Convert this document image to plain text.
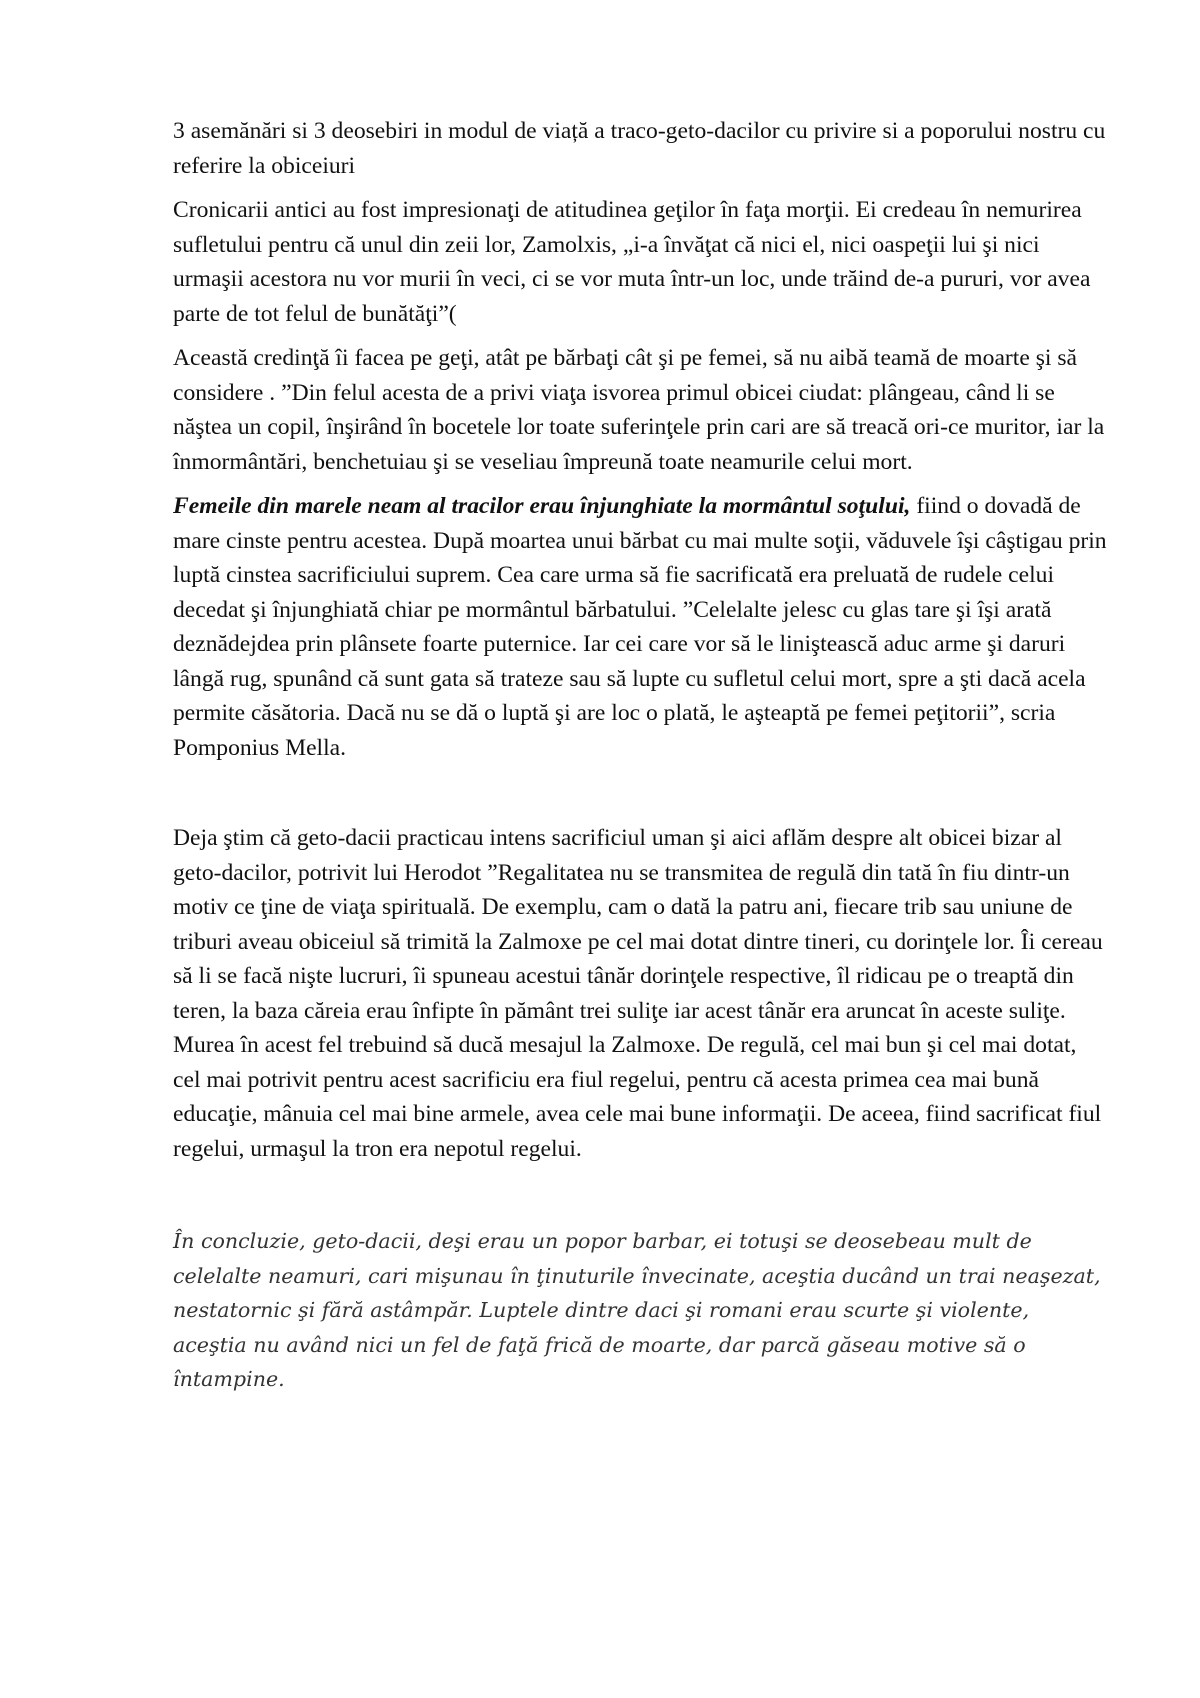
3 asemănări si 3 deosebiri in modul de viață a traco-geto-dacilor cu privire si a poporului nostru cu referire la obiceiuri

Cronicarii antici au fost impresionaţi de atitudinea geţilor în faţa morţii. Ei credeau în nemurirea sufletului pentru că unul din zeii lor, Zamolxis, „i-a învăţat că nici el, nici oaspeţii lui şi nici urmaşii acestora nu vor murii în veci, ci se vor muta într-un loc, unde trăind de-a pururi, vor avea parte de tot felul de bunătăţi”(

Această credinţă îi facea pe geţi, atât pe bărbaţi cât şi pe femei, să nu aibă teamă de moarte şi să considere . ”Din felul acesta de a privi viaţa isvorea primul obicei ciudat: plângeau, când li se năştea un copil, înşirând în bocetele lor toate suferinţele prin cari are să treacă ori-ce muritor, iar la înmormântări, benchetuiau şi se veseliau împreună toate neamurile celui mort.

Femeile din marele neam al tracilor erau înjunghiate la mormântul soţului, fiind o dovadă de mare cinste pentru acestea. După moartea unui bărbat cu mai multe soţii, văduvele îşi câştigau prin luptă cinstea sacrificiului suprem. Cea care urma să fie sacrificată era preluată de rudele celui decedat şi înjunghiată chiar pe mormântul bărbatului. ”Celelalte jelesc cu glas tare şi îşi arată deznădejdea prin plânsete foarte puternice. Iar cei care vor să le liniştească aduc arme şi daruri lângă rug, spunând că sunt gata să trateze sau să lupte cu sufletul celui mort, spre a şti dacă acela permite căsătoria. Dacă nu se dă o luptă şi are loc o plată, le aşteaptă pe femei peţitorii”, scria Pomponius Mella.

Deja ştim că geto-dacii practicau intens sacrificiul uman şi aici aflăm despre alt obicei bizar al geto-dacilor, potrivit lui Herodot ”Regalitatea nu se transmitea de regulă din tată în fiu dintr-un motiv ce ţine de viaţa spirituală. De exemplu, cam o dată la patru ani, fiecare trib sau uniune de triburi aveau obiceiul să trimită la Zalmoxe pe cel mai dotat dintre tineri, cu dorinţele lor. Îi cereau să li se facă nişte lucruri, îi spuneau acestui tânăr dorinţele respective, îl ridicau pe o treaptă din teren, la baza căreia erau înfipte în pământ trei suliţe iar acest tânăr era aruncat în aceste suliţe. Murea în acest fel trebuind să ducă mesajul la Zalmoxe. De regulă, cel mai bun şi cel mai dotat, cel mai potrivit pentru acest sacrificiu era fiul regelui, pentru că acesta primea cea mai bună educaţie, mânuia cel mai bine armele, avea cele mai bune informaţii. De aceea, fiind sacrificat fiul regelui, urmaşul la tron era nepotul regelui.

În concluzie, geto-dacii, deşi erau un popor barbar, ei totuşi se deosebeau mult de celelalte neamuri, cari mişunau în ţinuturile învecinate, aceştia ducând un trai neaşezat, nestatornic şi fără astâmpăr. Luptele dintre daci şi romani erau scurte şi violente, aceştia nu având nici un fel de faţă frică de moarte, dar parcă găseau motive să o întampine.
